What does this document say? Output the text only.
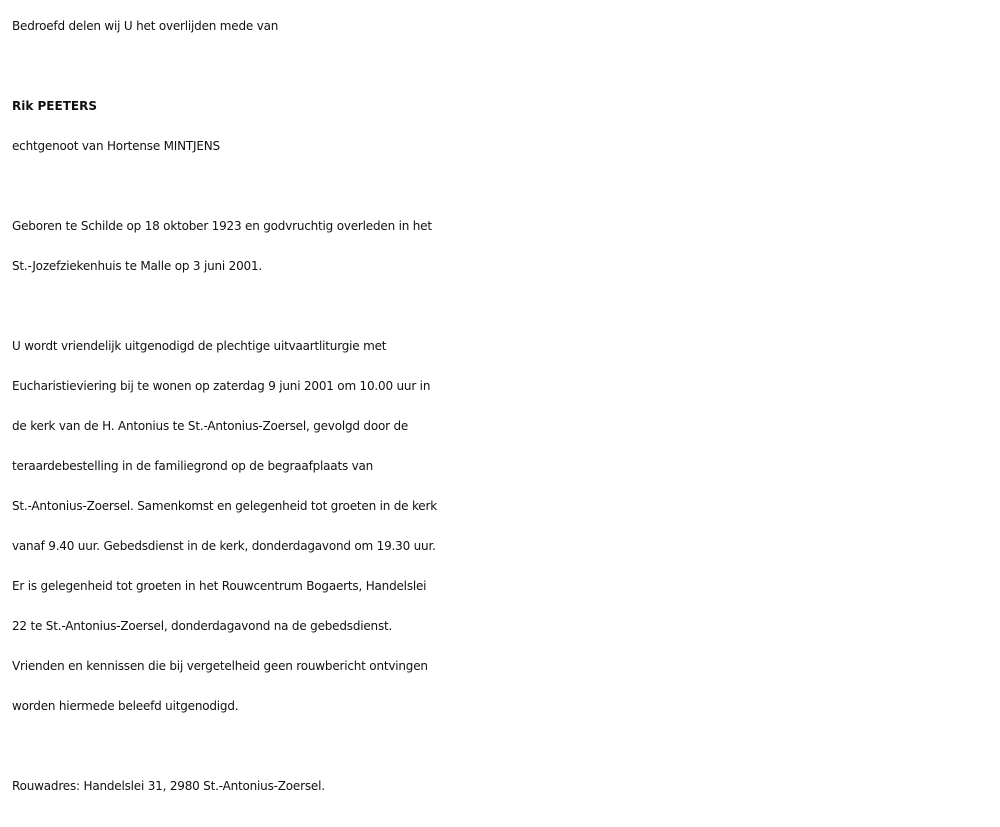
Bedroefd delen wij U het overlijden mede van

Rik PEETERS

echtgenoot van Hortense MINTJENS

Geboren te Schilde op 18 oktober 1923 en godvruchtig overleden in het

St.-Jozefziekenhuis te Malle op 3 juni 2001.

U wordt vriendelijk uitgenodigd de plechtige uitvaartliturgie met

Eucharistieviering bij te wonen op zaterdag 9 juni 2001 om 10.00 uur in

de kerk van de H. Antonius te St.-Antonius-Zoersel, gevolgd door de

teraardebestelling in de familiegrond op de begraafplaats van

St.-Antonius-Zoersel. Samenkomst en gelegenheid tot groeten in de kerk

vanaf 9.40 uur. Gebedsdienst in de kerk, donderdagavond om 19.30 uur.

Er is gelegenheid tot groeten in het Rouwcentrum Bogaerts, Handelslei

22 te St.-Antonius-Zoersel, donderdagavond na de gebedsdienst.

Vrienden en kennissen die bij vergetelheid geen rouwbericht ontvingen

worden hiermede beleefd uitgenodigd.

Rouwadres: Handelslei 31, 2980 St.-Antonius-Zoersel.
